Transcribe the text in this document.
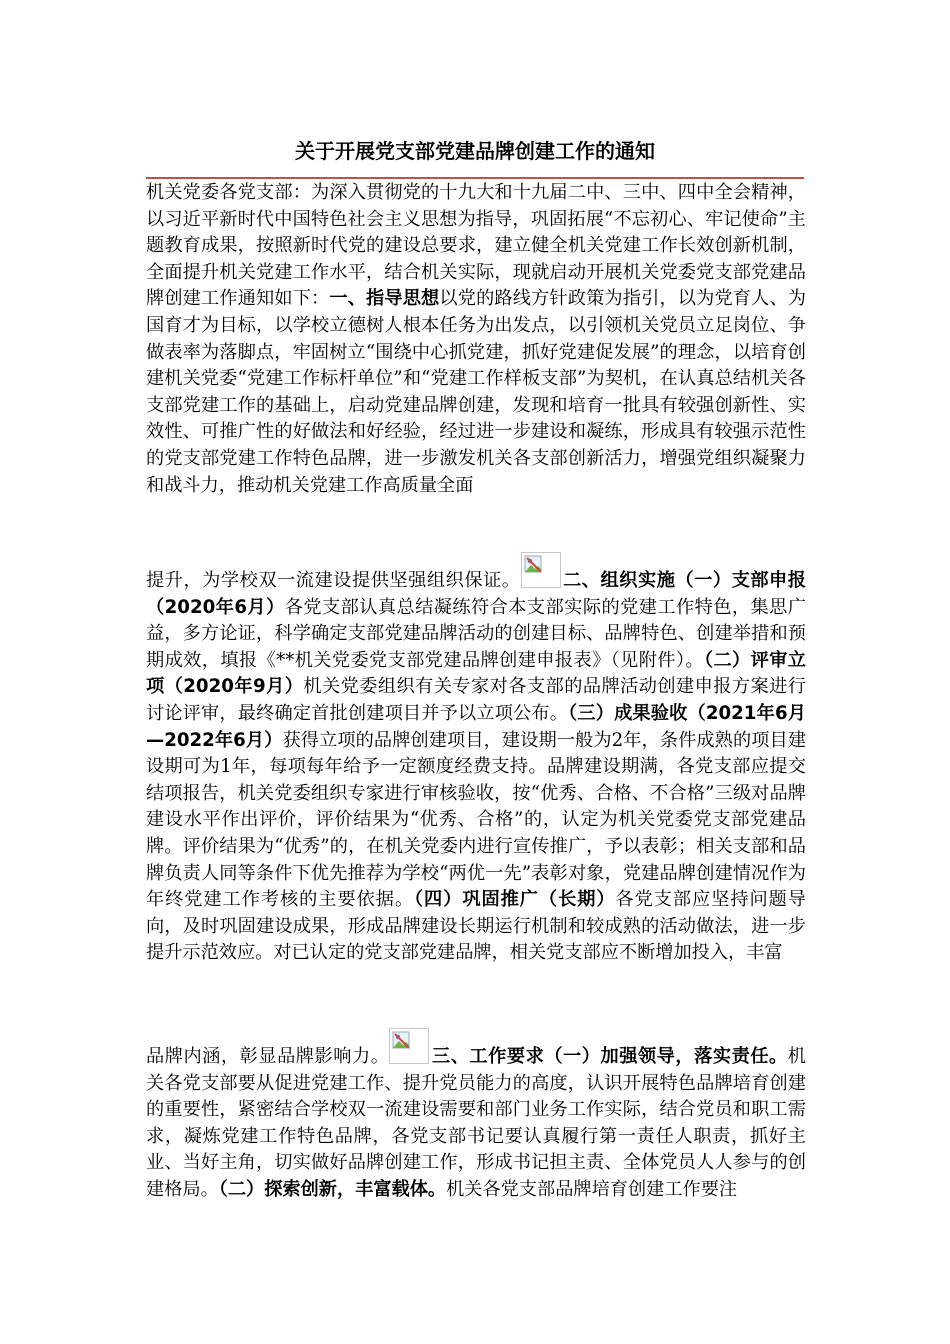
关于开展党支部党建品牌创建工作的通知
机关党委各党支部：为深入贯彻党的十九大和十九届二中、三中、四中全会精神，以习近平新时代中国特色社会主义思想为指导，巩固拓展“不忘初心、牢记使命”主题教育成果，按照新时代党的建设总要求，建立健全机关党建工作长效创新机制，全面提升机关党建工作水平，结合机关实际，现就启动开展机关党委党支部党建品牌创建工作通知如下：一、指导思想以党的路线方针政策为指引，以为党育人、为国育才为目标，以学校立德树人根本任务为出发点，以引领机关党员立足岗位、争做表率为落脚点，牢固树立“围绕中心抓党建，抓好党建促发展”的理念，以培育创建机关党委“党建工作标杆单位”和“党建工作样板支部”为契机，在认真总结机关各支部党建工作的基础上，启动党建品牌创建，发现和培育一批具有较强创新性、实效性、可推广性的好做法和好经验，经过进一步建设和凝练，形成具有较强示范性的党支部党建工作特色品牌，进一步激发机关各支部创新活力，增强党组织凝聚力和战斗力，推动机关党建工作高质量全面
提升，为学校双一流建设提供坚强组织保证。 二、组织实施（一）支部申报（2020年6月）各党支部认真总结凝练符合本支部实际的党建工作特色，集思广益，多方论证，科学确定支部党建品牌活动的创建目标、品牌特色、创建举措和预期成效，填报《**机关党委党支部党建品牌创建申报表》（见附件）。（二）评审立项（2020年9月）机关党委组织有关专家对各支部的品牌活动创建申报方案进行讨论评审，最终确定首批创建项目并予以立项公布。（三）成果验收（2021年6月—2022年6月）获得立项的品牌创建项目，建设期一般为2年，条件成熟的项目建设期可为1年，每项每年给予一定额度经费支持。品牌建设期满，各党支部应提交结项报告，机关党委组织专家进行审核验收，按“优秀、合格、不合格”三级对品牌建设水平作出评价，评价结果为“优秀、合格”的，认定为机关党委党支部党建品牌。评价结果为“优秀”的，在机关党委内进行宣传推广，予以表彰；相关支部和品牌负责人同等条件下优先推荐为学校“两优一先”表彰对象，党建品牌创建情况作为年终党建工作考核的主要依据。（四）巩固推广（长期）各党支部应坚持问题导向，及时巩固建设成果，形成品牌建设长期运行机制和较成熟的活动做法，进一步提升示范效应。对已认定的党支部党建品牌，相关党支部应不断增加投入，丰富
品牌内涵，彰显品牌影响力。 三、工作要求（一）加强领导，落实责任。机关各党支部要从促进党建工作、提升党员能力的高度，认识开展特色品牌培育创建的重要性，紧密结合学校双一流建设需要和部门业务工作实际，结合党员和职工需求，凝炼党建工作特色品牌，各党支部书记要认真履行第一责任人职责，抓好主业、当好主角，切实做好品牌创建工作，形成书记担主责、全体党员人人参与的创建格局。（二）探索创新，丰富载体。机关各党支部品牌培育创建工作要注
